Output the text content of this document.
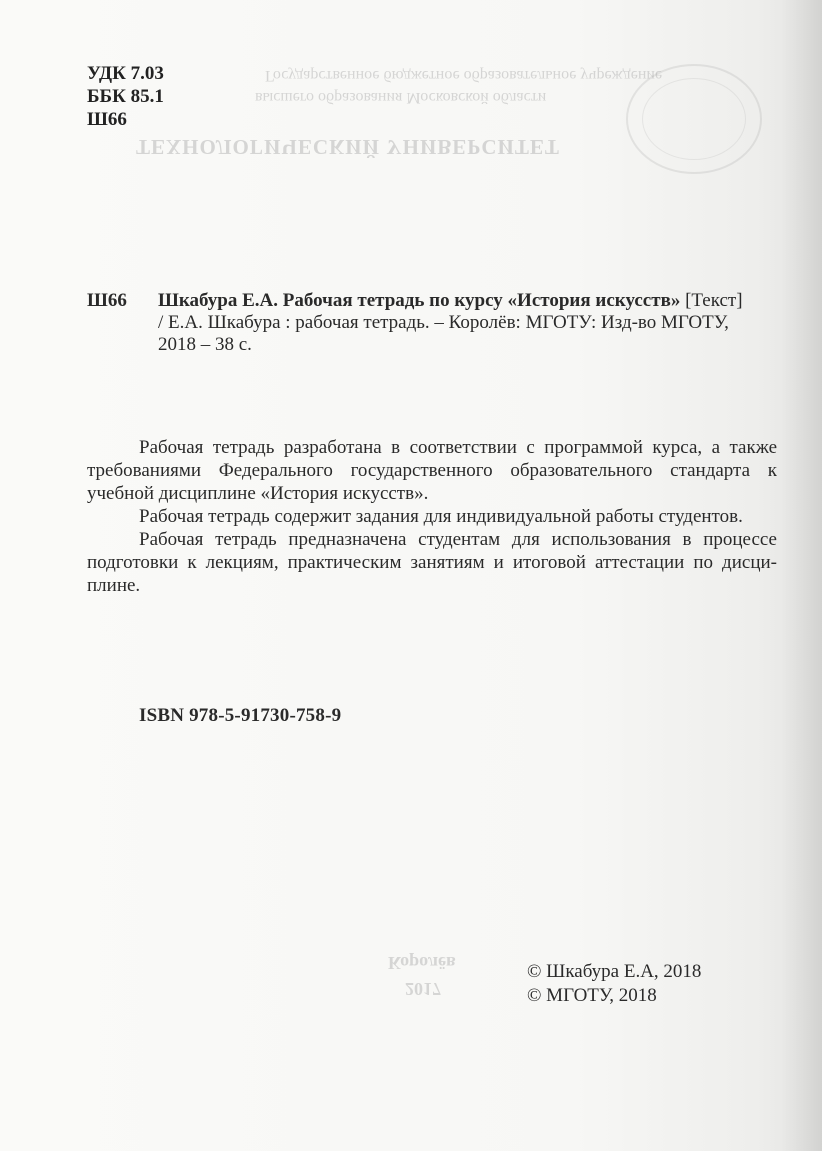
Государственное бюджетное образовательное учреждение
высшего образования Московской области
ТЕХНОЛОГИЧЕСКИЙ УНИВЕРСИТЕТ
Королёв
2017
УДК 7.03
ББК 85.1
Ш66
Ш66 Шкабура Е.А. Рабочая тетрадь по курсу «История искусств» [Текст]
/ Е.А. Шкабура : рабочая тетрадь. – Королёв: МГОТУ: Изд-во МГОТУ,
2018 – 38 с.

Рабочая тетрадь разработана в соответствии с программой курса, а также требованиями Федерального государственного образовательного стандарта к учебной дисциплине «История искусств».

Рабочая тетрадь содержит задания для индивидуальной работы студентов.

Рабочая тетрадь предназначена студентам для использования в процессе подготовки к лекциям, практическим занятиям и итоговой аттестации по дисци-плине.

ISBN 978-5-91730-758-9
© Шкабура Е.А, 2018
© МГОТУ, 2018
